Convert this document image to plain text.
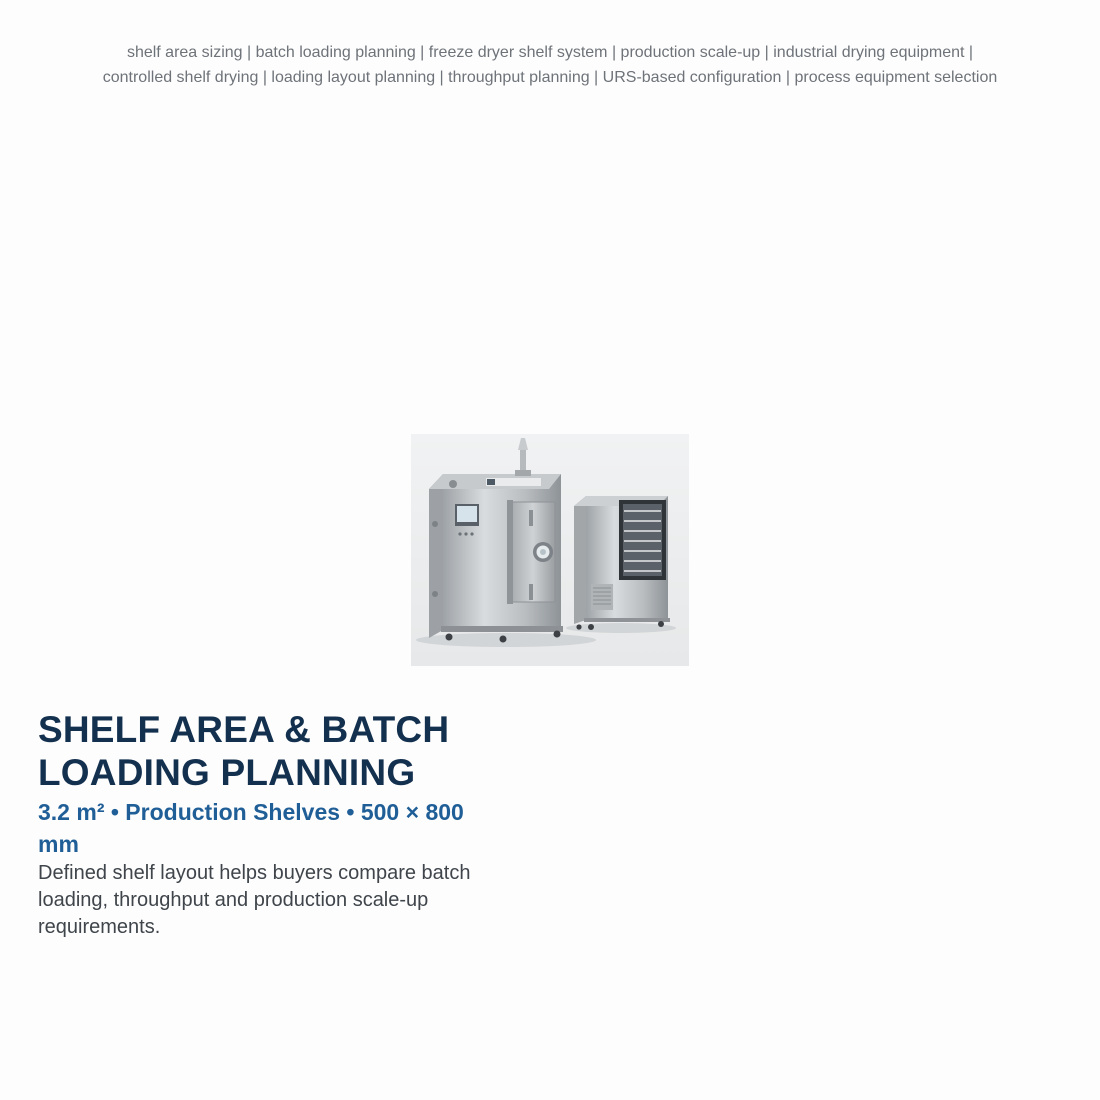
shelf area sizing | batch loading planning | freeze dryer shelf system | production scale-up | industrial drying equipment |
controlled shelf drying | loading layout planning | throughput planning | URS-based configuration | process equipment selection
SHELF AREA & BATCH
LOADING PLANNING

3.2 m² • Production Shelves • 500 × 800
mm

Defined shelf layout helps buyers compare batch
loading, throughput and production scale-up
requirements.
